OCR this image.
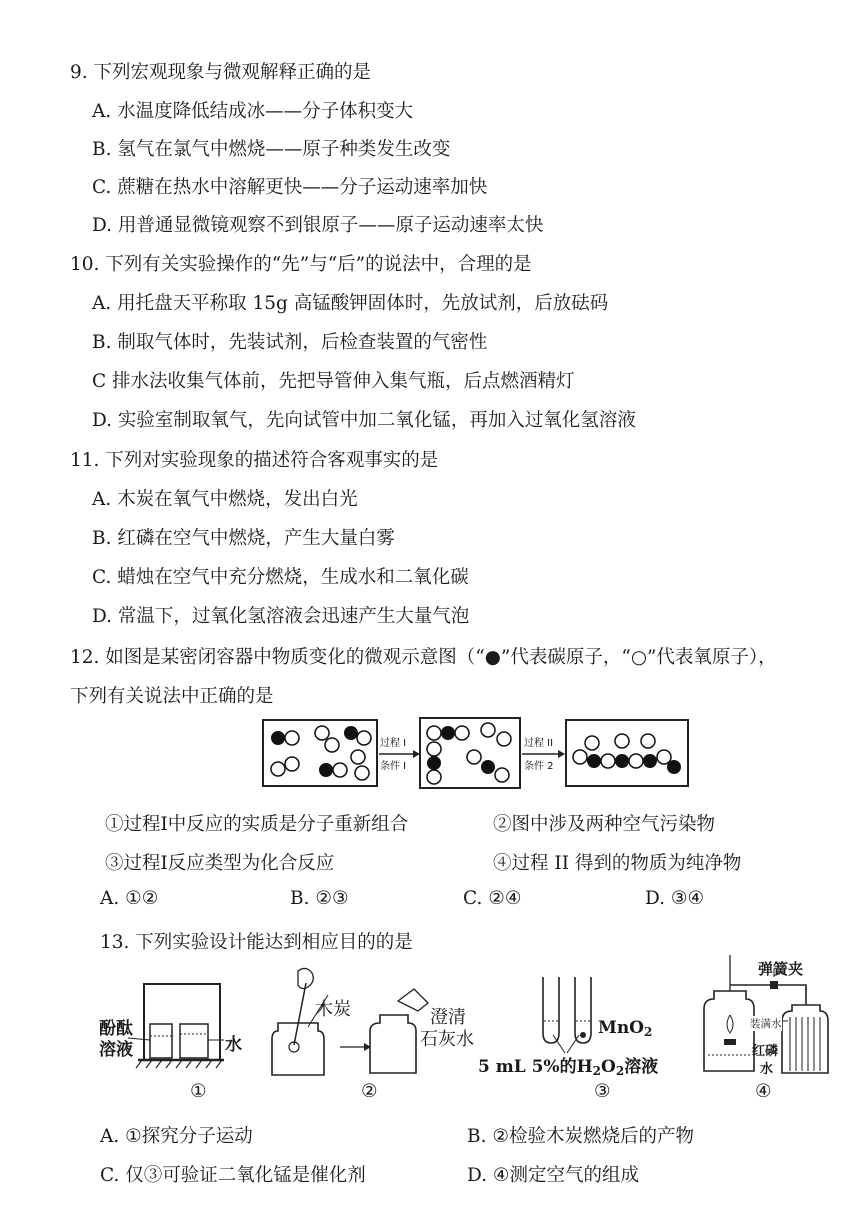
9. 下列宏观现象与微观解释正确的是
A. 水温度降低结成冰——分子体积变大
B. 氢气在氯气中燃烧——原子种类发生改变
C. 蔗糖在热水中溶解更快——分子运动速率加快
D. 用普通显微镜观察不到银原子——原子运动速率太快
10. 下列有关实验操作的“先”与“后”的说法中，合理的是
A. 用托盘天平称取 15g 高锰酸钾固体时，先放试剂，后放砝码
B. 制取气体时，先装试剂，后检查装置的气密性
C 排水法收集气体前，先把导管伸入集气瓶，后点燃酒精灯
D. 实验室制取氧气，先向试管中加二氧化锰，再加入过氧化氢溶液
11. 下列对实验现象的描述符合客观事实的是
A. 木炭在氧气中燃烧，发出白光
B. 红磷在空气中燃烧，产生大量白雾
C. 蜡烛在空气中充分燃烧，生成水和二氧化碳
D. 常温下，过氧化氢溶液会迅速产生大量气泡
12. 如图是某密闭容器中物质变化的微观示意图（“●”代表碳原子，“○”代表氧原子），
下列有关说法中正确的是
过程 I
条件 I
过程 II
条件 2
①过程I中反应的实质是分子重新组合	②图中涉及两种空气污染物
③过程I反应类型为化合反应	④过程 II 得到的物质为纯净物
A. ①②	B. ②③	C. ②④	D. ③④
13. 下列实验设计能达到相应目的的是
酚酞
溶液	水
木炭	澄清
石灰水
MnO$_2$
5 mL 5%的$H_2O_2$溶液
弹簧夹
装满水
红磷
水
①	②	③	④
A. ①探究分子运动	B. ②检验木炭燃烧后的产物
C. 仅③可验证二氧化锰是催化剂	D. ④测定空气的组成
